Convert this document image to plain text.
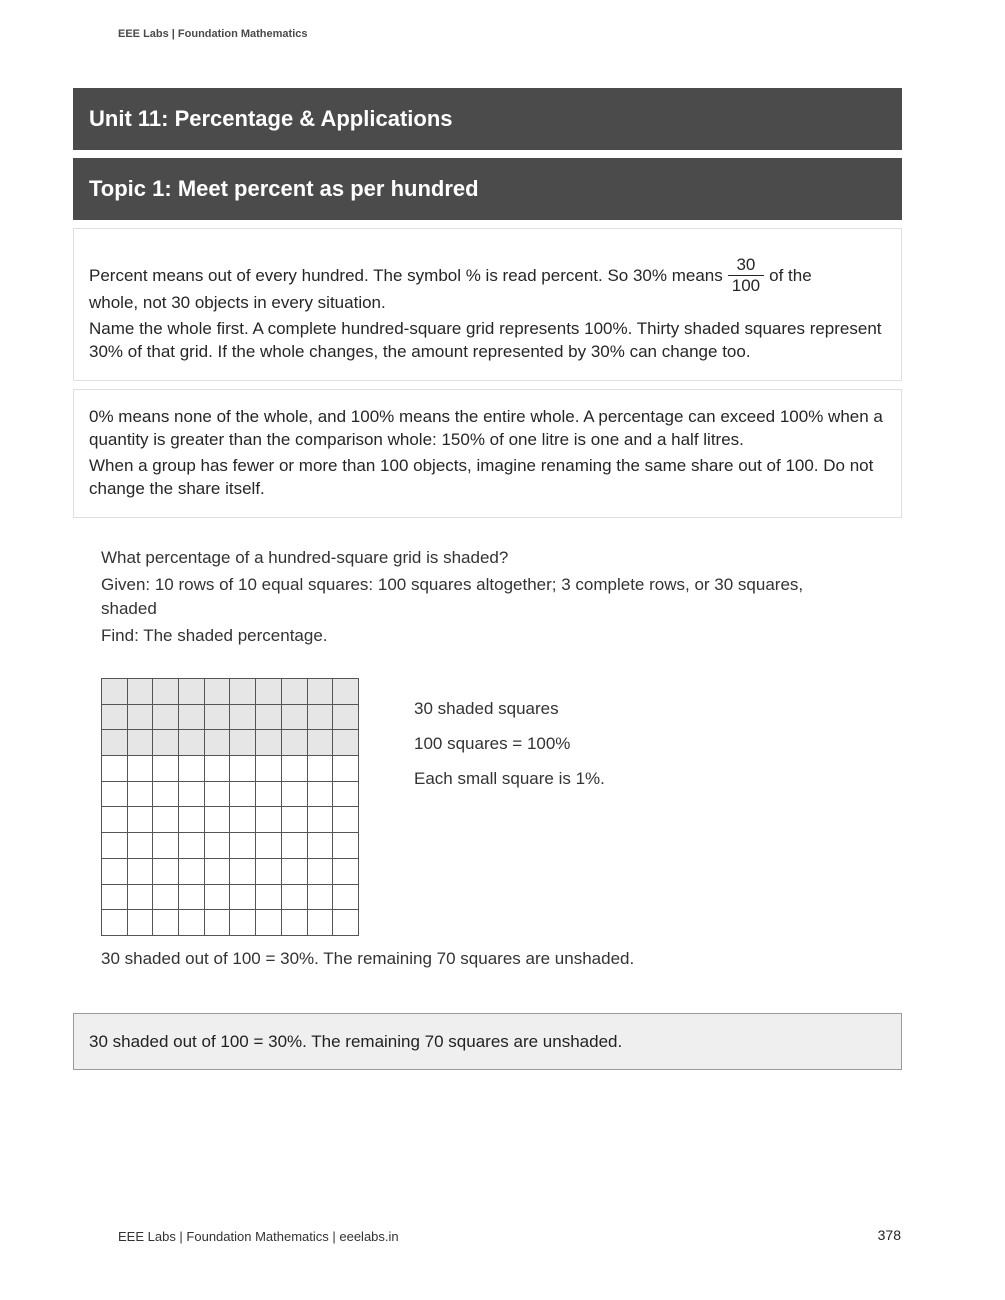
EEE Labs | Foundation Mathematics
Unit 11: Percentage & Applications
Topic 1: Meet percent as per hundred
Percent means out of every hundred. The symbol % is read percent. So 30% means $\frac{30}{100}$ of the
whole, not 30 objects in every situation.
Name the whole first. A complete hundred-square grid represents 100%. Thirty shaded squares represent 30% of that grid. If the whole changes, the amount represented by 30% can change too.
0% means none of the whole, and 100% means the entire whole. A percentage can exceed 100% when a quantity is greater than the comparison whole: 150% of one litre is one and a half litres.
When a group has fewer or more than 100 objects, imagine renaming the same share out of 100. Do not change the share itself.

What percentage of a hundred-square grid is shaded?

Given: 10 rows of 10 equal squares: 100 squares altogether; 3 complete rows, or 30 squares, shaded

Find: The shaded percentage.

30 shaded squares
100 squares = 100%
Each small square is 1%.
30 shaded out of 100 = 30%. The remaining 70 squares are unshaded.
30 shaded out of 100 = 30%. The remaining 70 squares are unshaded.
EEE Labs | Foundation Mathematics | eeelabs.in	378
